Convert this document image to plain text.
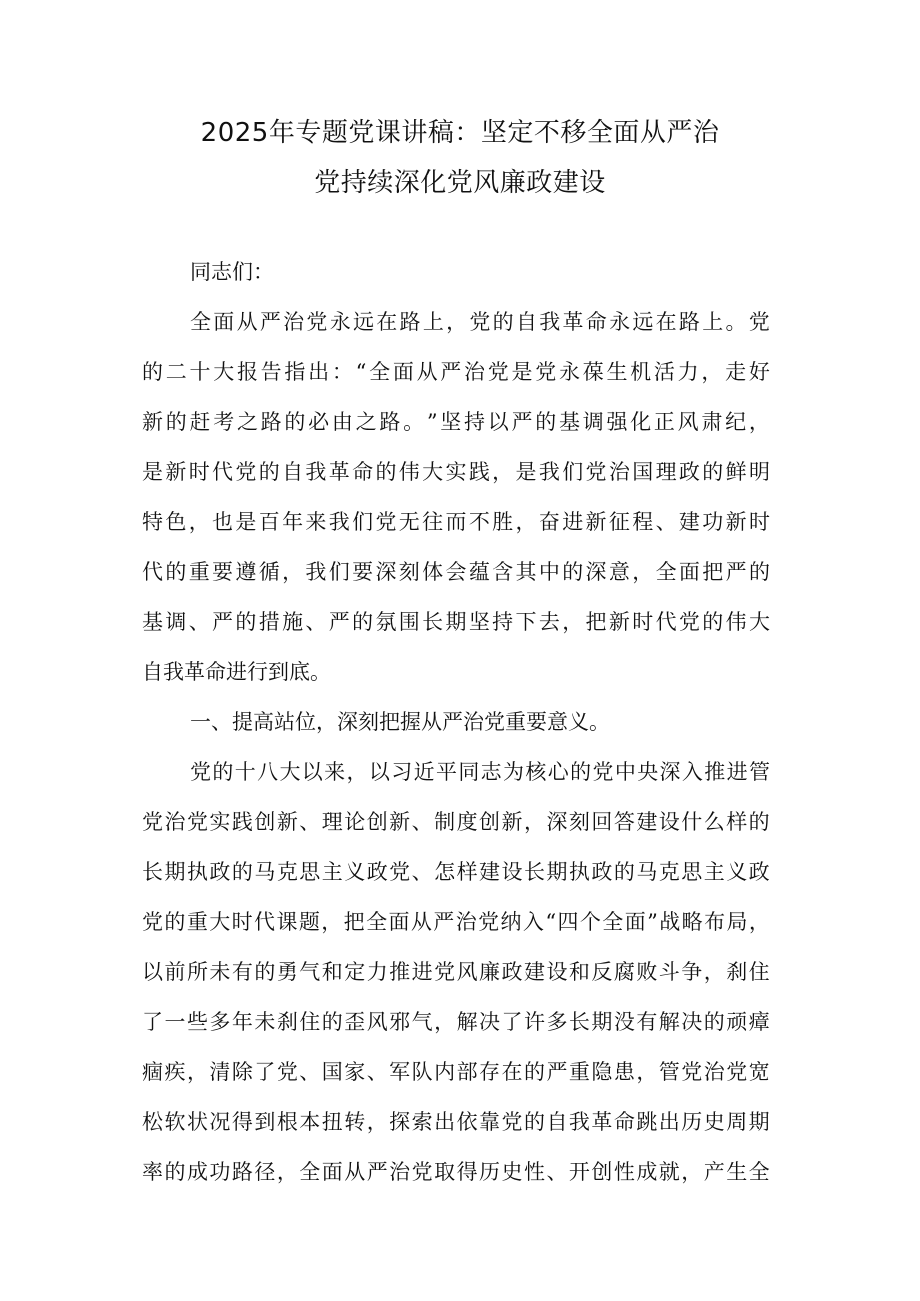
2025年专题党课讲稿：坚定不移全面从严治
党持续深化党风廉政建设
同志们：
全 面 从 严 治 党 永 远 在 路 上 ， 党 的 自 我 革 命 永 远 在 路 上 。 党
的 二 十 大 报 告 指 出 ： “ 全 面 从 严 治 党 是 党 永 葆 生 机 活 力 ， 走 好
新 的 赶 考 之 路 的 必 由 之 路 。 ” 坚 持 以 严 的 基 调 强 化 正 风 肃 纪 ，
是 新 时 代 党 的 自 我 革 命 的 伟 大 实 践 ， 是 我 们 党 治 国 理 政 的 鲜 明
特 色 ， 也 是 百 年 来 我 们 党 无 往 而 不 胜 ， 奋 进 新 征 程 、 建 功 新 时
代 的 重 要 遵 循 ， 我 们 要 深 刻 体 会 蕴 含 其 中 的 深 意 ， 全 面 把 严 的
基 调 、 严 的 措 施 、 严 的 氛 围 长 期 坚 持 下 去 ， 把 新 时 代 党 的 伟 大
自我革命进行到底。
一、提高站位，深刻把握从严治党重要意义。
党 的 十 八 大 以 来 ， 以 习 近 平 同 志 为 核 心 的 党 中 央 深 入 推 进 管
党 治 党 实 践 创 新 、 理 论 创 新 、 制 度 创 新 ， 深 刻 回 答 建 设 什 么 样 的
长 期 执 政 的 马 克 思 主 义 政 党 、 怎 样 建 设 长 期 执 政 的 马 克 思 主 义 政
党 的 重 大 时 代 课 题 ， 把 全 面 从 严 治 党 纳 入 “ 四 个 全 面 ” 战 略 布 局 ，
以 前 所 未 有 的 勇 气 和 定 力 推 进 党 风 廉 政 建 设 和 反 腐 败 斗 争 ， 刹 住
了 一 些 多 年 未 刹 住 的 歪 风 邪 气 ， 解 决 了 许 多 长 期 没 有 解 决 的 顽 瘴
痼 疾 ， 清 除 了 党 、 国 家 、 军 队 内 部 存 在 的 严 重 隐 患 ， 管 党 治 党 宽
松 软 状 况 得 到 根 本 扭 转 ， 探 索 出 依 靠 党 的 自 我 革 命 跳 出 历 史 周 期
率 的 成 功 路 径 ， 全 面 从 严 治 党 取 得 历 史 性 、 开 创 性 成 就 ， 产 生 全
